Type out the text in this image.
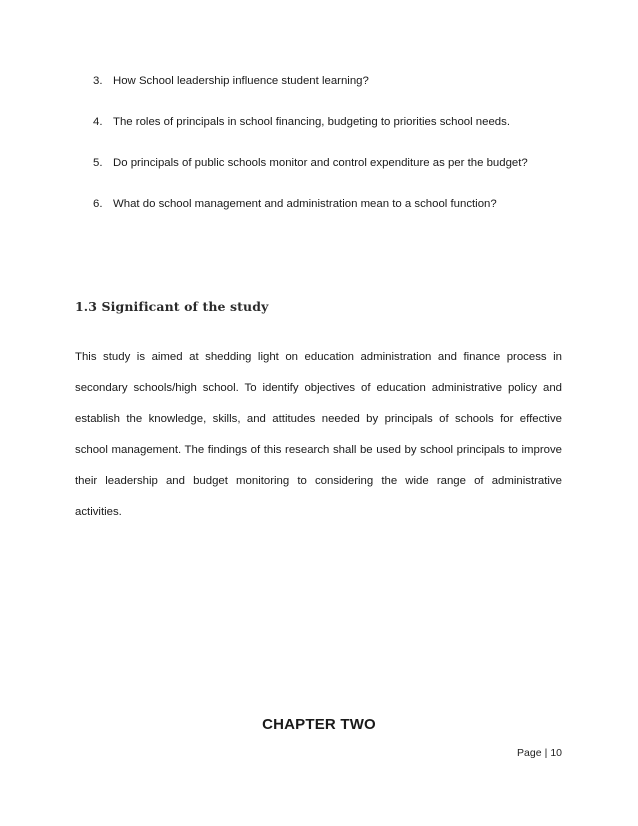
3. How School leadership influence student learning?
4. The roles of principals in school financing, budgeting to priorities school needs.
5. Do principals of public schools monitor and control expenditure as per the budget?
6. What do school management and administration mean to a school function?
1.3 Significant of the study
This study is aimed at shedding light on education administration and finance process in
secondary schools/high school. To identify objectives of education administrative policy and
establish the knowledge, skills, and attitudes needed by principals of schools for effective
school management. The findings of this research shall be used by school principals to improve
their leadership and budget monitoring to considering the wide range of administrative
activities.
CHAPTER TWO
Page | 10
